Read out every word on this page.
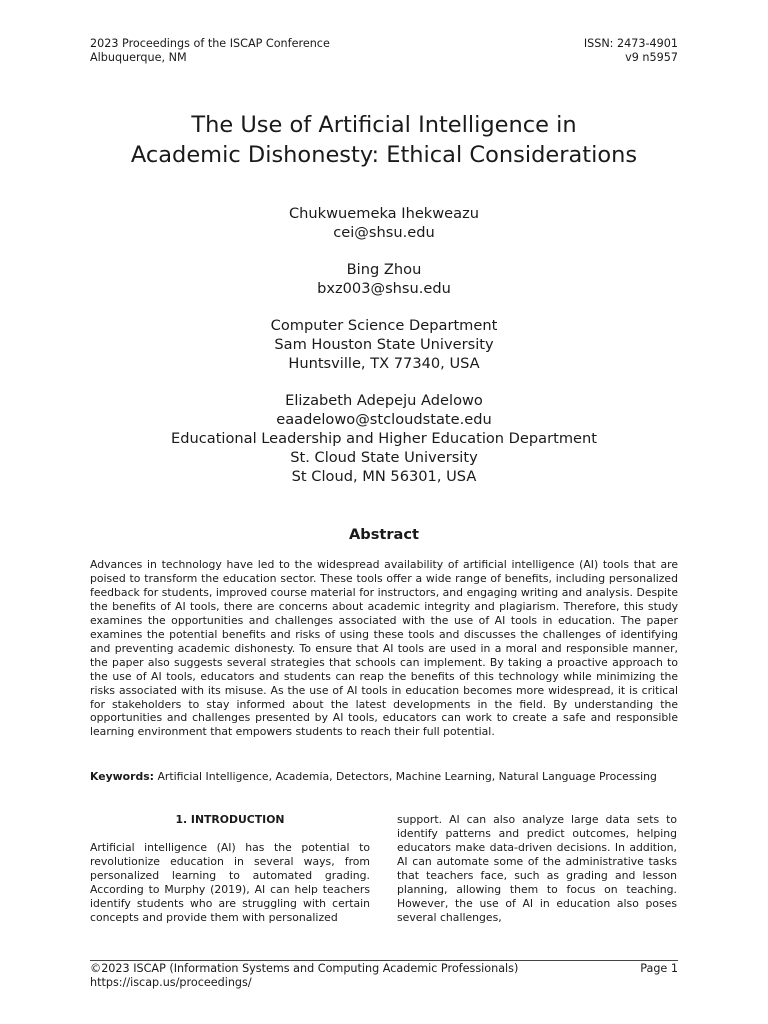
2023 Proceedings of the ISCAP Conference
Albuquerque, NM
ISSN: 2473-4901
v9 n5957
The Use of Artificial Intelligence in
Academic Dishonesty: Ethical Considerations
Chukwuemeka Ihekweazu
cei@shsu.edu
Bing Zhou
bxz003@shsu.edu
Computer Science Department
Sam Houston State University
Huntsville, TX 77340, USA
Elizabeth Adepeju Adelowo
eaadelowo@stcloudstate.edu
Educational Leadership and Higher Education Department
St. Cloud State University
St Cloud, MN 56301, USA
Abstract

Advances in technology have led to the widespread availability of artificial intelligence (AI) tools that are poised to transform the education sector. These tools offer a wide range of benefits, including personalized feedback for students, improved course material for instructors, and engaging writing and analysis. Despite the benefits of AI tools, there are concerns about academic integrity and plagiarism. Therefore, this study examines the opportunities and challenges associated with the use of AI tools in education. The paper examines the potential benefits and risks of using these tools and discusses the challenges of identifying and preventing academic dishonesty. To ensure that AI tools are used in a moral and responsible manner, the paper also suggests several strategies that schools can implement. By taking a proactive approach to the use of AI tools, educators and students can reap the benefits of this technology while minimizing the risks associated with its misuse. As the use of AI tools in education becomes more widespread, it is critical for stakeholders to stay informed about the latest developments in the field. By understanding the opportunities and challenges presented by AI tools, educators can work to create a safe and responsible learning environment that empowers students to reach their full potential.

Keywords: Artificial Intelligence, Academia, Detectors, Machine Learning, Natural Language Processing
1. INTRODUCTION

Artificial intelligence (AI) has the potential to revolutionize education in several ways, from personalized learning to automated grading. According to Murphy (2019), AI can help teachers identify students who are struggling with certain concepts and provide them with personalized

support. AI can also analyze large data sets to identify patterns and predict outcomes, helping educators make data-driven decisions. In addition, AI can automate some of the administrative tasks that teachers face, such as grading and lesson planning, allowing them to focus on teaching. However, the use of AI in education also poses several challenges,

©2023 ISCAP (Information Systems and Computing Academic Professionals)
https://iscap.us/proceedings/
Page 1
